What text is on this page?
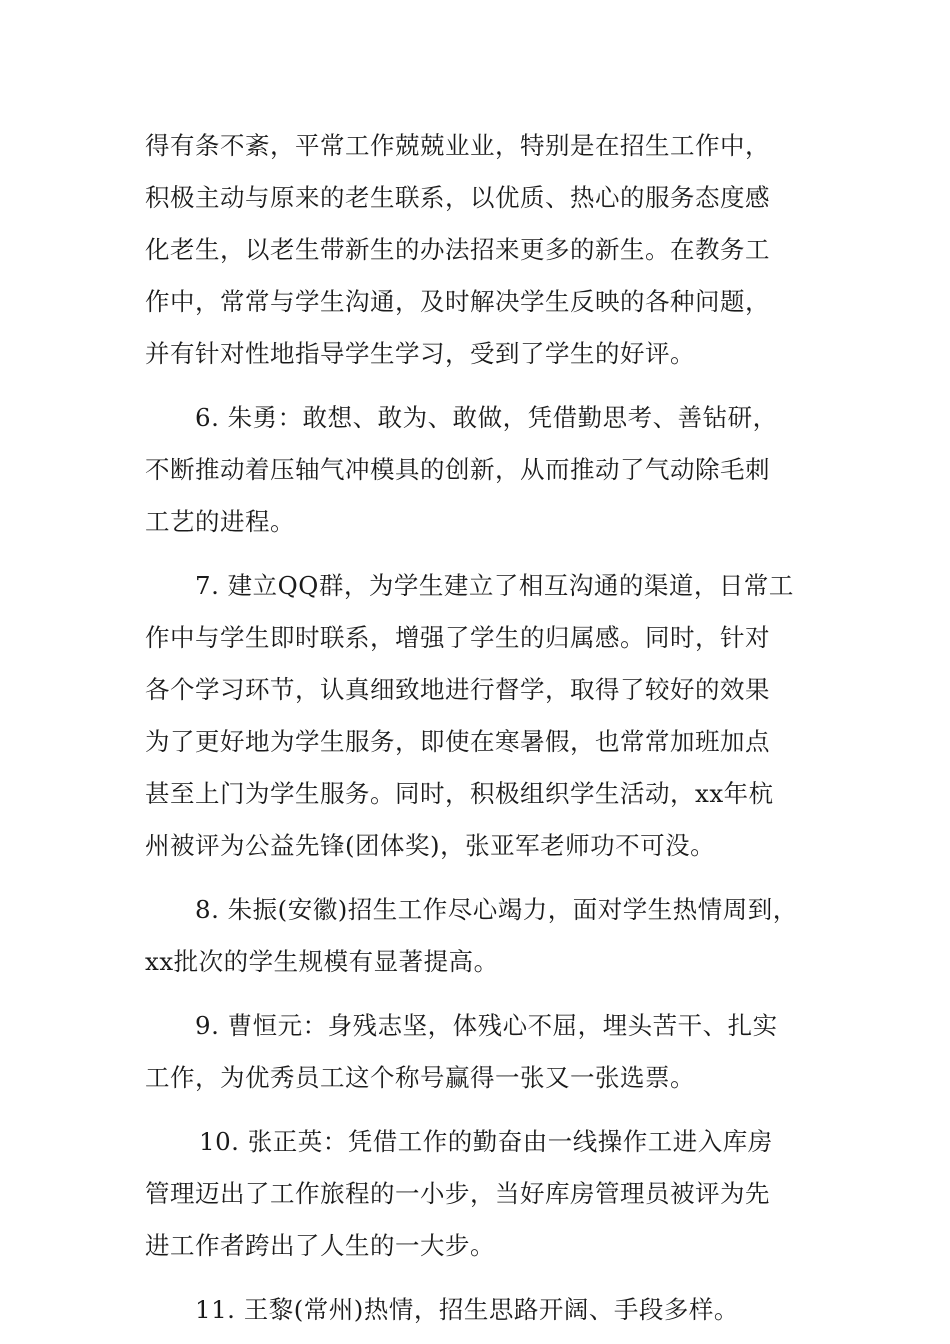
得有条不紊，平常工作兢兢业业，特别是在招生工作中，
积极主动与原来的老生联系，以优质、热心的服务态度感
化老生，以老生带新生的办法招来更多的新生。在教务工
作中，常常与学生沟通，及时解决学生反映的各种问题，
并有针对性地指导学生学习，受到了学生的好评。
6. 朱勇：敢想、敢为、敢做，凭借勤思考、善钻研，
不断推动着压轴气冲模具的创新，从而推动了气动除毛刺
工艺的进程。
7. 建立QQ群，为学生建立了相互沟通的渠道，日常工
作中与学生即时联系，增强了学生的归属感。同时，针对
各个学习环节，认真细致地进行督学，取得了较好的效果
为了更好地为学生服务，即使在寒暑假，也常常加班加点
甚至上门为学生服务。同时，积极组织学生活动，xx年杭
州被评为公益先锋(团体奖)，张亚军老师功不可没。
8. 朱振(安徽)招生工作尽心竭力，面对学生热情周到，
xx批次的学生规模有显著提高。
9. 曹恒元：身残志坚，体残心不屈，埋头苦干、扎实
工作，为优秀员工这个称号赢得一张又一张选票。
10. 张正英：凭借工作的勤奋由一线操作工进入库房
管理迈出了工作旅程的一小步，当好库房管理员被评为先
进工作者跨出了人生的一大步。
11. 王黎(常州)热情，招生思路开阔、手段多样。
